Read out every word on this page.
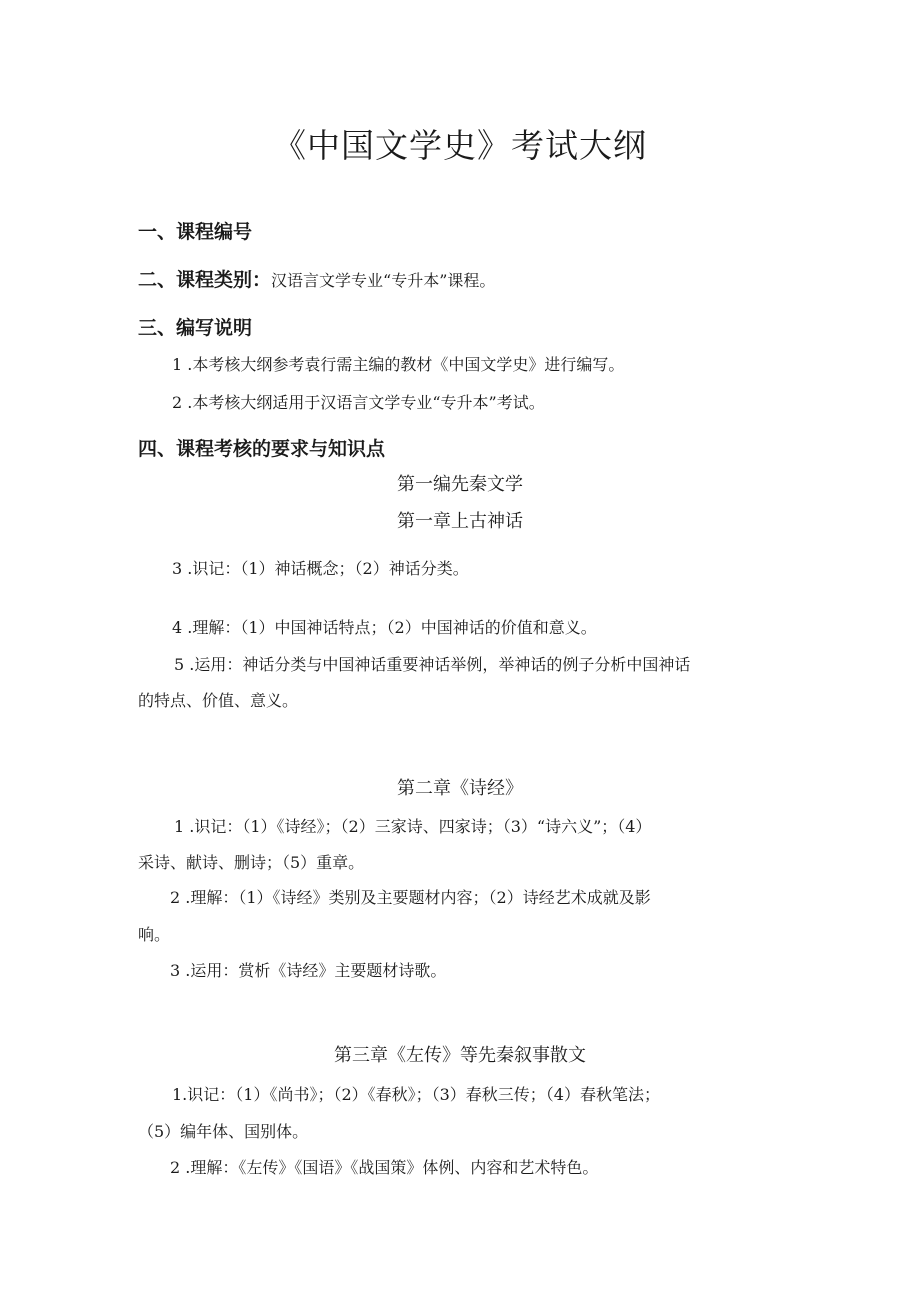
《中国文学史》考试大纲
一、课程编号
二、课程类别：汉语言文学专业“专升本”课程。
三、编写说明
1 .本考核大纲参考袁行需主编的教材《中国文学史》进行编写。
2 .本考核大纲适用于汉语言文学专业“专升本”考试。
四、课程考核的要求与知识点
第一编先秦文学
第一章上古神话
3 .识记：（1）神话概念；（2）神话分类。
4 .理解：（1）中国神话特点；（2）中国神话的价值和意义。
5 .运用：神话分类与中国神话重要神话举例，举神话的例子分析中国神话
的特点、价值、意义。
第二章《诗经》
1 .识记：（1）《诗经》；（2）三家诗、四家诗；（3）“诗六义”；（4）
采诗、献诗、删诗；（5）重章。
2 .理解：（1）《诗经》类别及主要题材内容；（2）诗经艺术成就及影
响。
3 .运用：赏析《诗经》主要题材诗歌。
第三章《左传》等先秦叙事散文
1.识记：（1）《尚书》；（2）《春秋》；（3）春秋三传；（4）春秋笔法；
（5）编年体、国别体。
2 .理解：《左传》《国语》《战国策》体例、内容和艺术特色。
